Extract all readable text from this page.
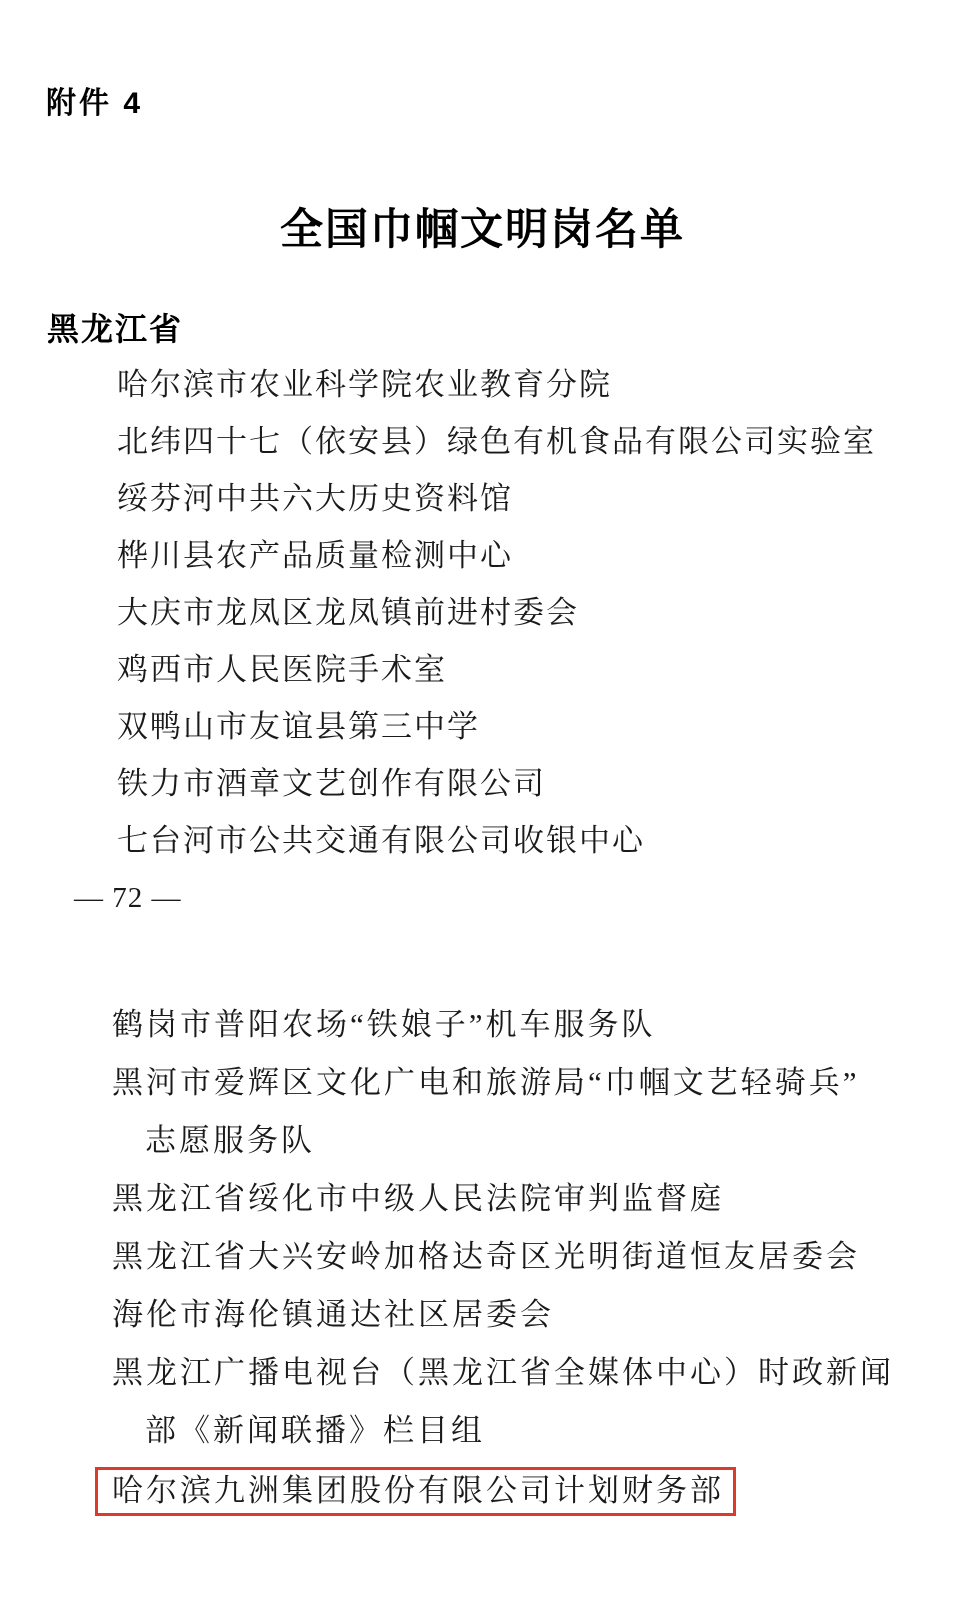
附件 4
全国巾帼文明岗名单
黑龙江省
哈尔滨市农业科学院农业教育分院
北纬四十七（依安县）绿色有机食品有限公司实验室
绥芬河中共六大历史资料馆
桦川县农产品质量检测中心
大庆市龙凤区龙凤镇前进村委会
鸡西市人民医院手术室
双鸭山市友谊县第三中学
铁力市酒章文艺创作有限公司
七台河市公共交通有限公司收银中心
— 72 —
鹤岗市普阳农场“铁娘子”机车服务队
黑河市爱辉区文化广电和旅游局“巾帼文艺轻骑兵”
志愿服务队
黑龙江省绥化市中级人民法院审判监督庭
黑龙江省大兴安岭加格达奇区光明街道恒友居委会
海伦市海伦镇通达社区居委会
黑龙江广播电视台（黑龙江省全媒体中心）时政新闻
部《新闻联播》栏目组
哈尔滨九洲集团股份有限公司计划财务部
